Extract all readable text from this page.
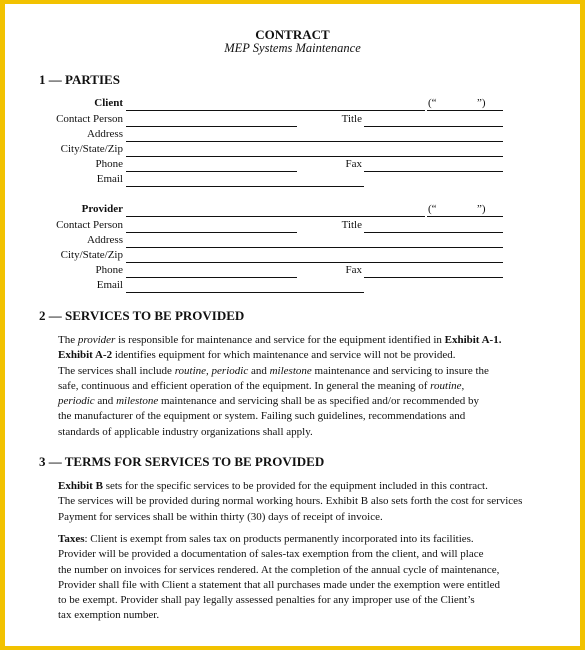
CONTRACT
MEP Systems Maintenance
1 — PARTIES
Client	(“	”)
Contact Person	Title
Address
City/State/Zip
Phone	Fax
Email
Provider	(“	”)
Contact Person	Title
Address
City/State/Zip
Phone	Fax
Email
2 — SERVICES TO BE PROVIDED
The provider is responsible for maintenance and service for the equipment identified in Exhibit A-1.
Exhibit A-2 identifies equipment for which maintenance and service will not be provided.
The services shall include routine, periodic and milestone maintenance and servicing to insure the
safe, continuous and efficient operation of the equipment. In general the meaning of routine,
periodic and milestone maintenance and servicing shall be as specified and/or recommended by
the manufacturer of the equipment or system. Failing such guidelines, recommendations and
standards of applicable industry organizations shall apply.
3 — TERMS FOR SERVICES TO BE PROVIDED
Exhibit B sets for the specific services to be provided for the equipment included in this contract.
The services will be provided during normal working hours. Exhibit B also sets forth the cost for services
Payment for services shall be within thirty (30) days of receipt of invoice.
Taxes: Client is exempt from sales tax on products permanently incorporated into its facilities.
Provider will be provided a documentation of sales-tax exemption from the client, and will place
the number on invoices for services rendered. At the completion of the annual cycle of maintenance,
Provider shall file with Client a statement that all purchases made under the exemption were entitled
to be exempt. Provider shall pay legally assessed penalties for any improper use of the Client’s
tax exemption number.
